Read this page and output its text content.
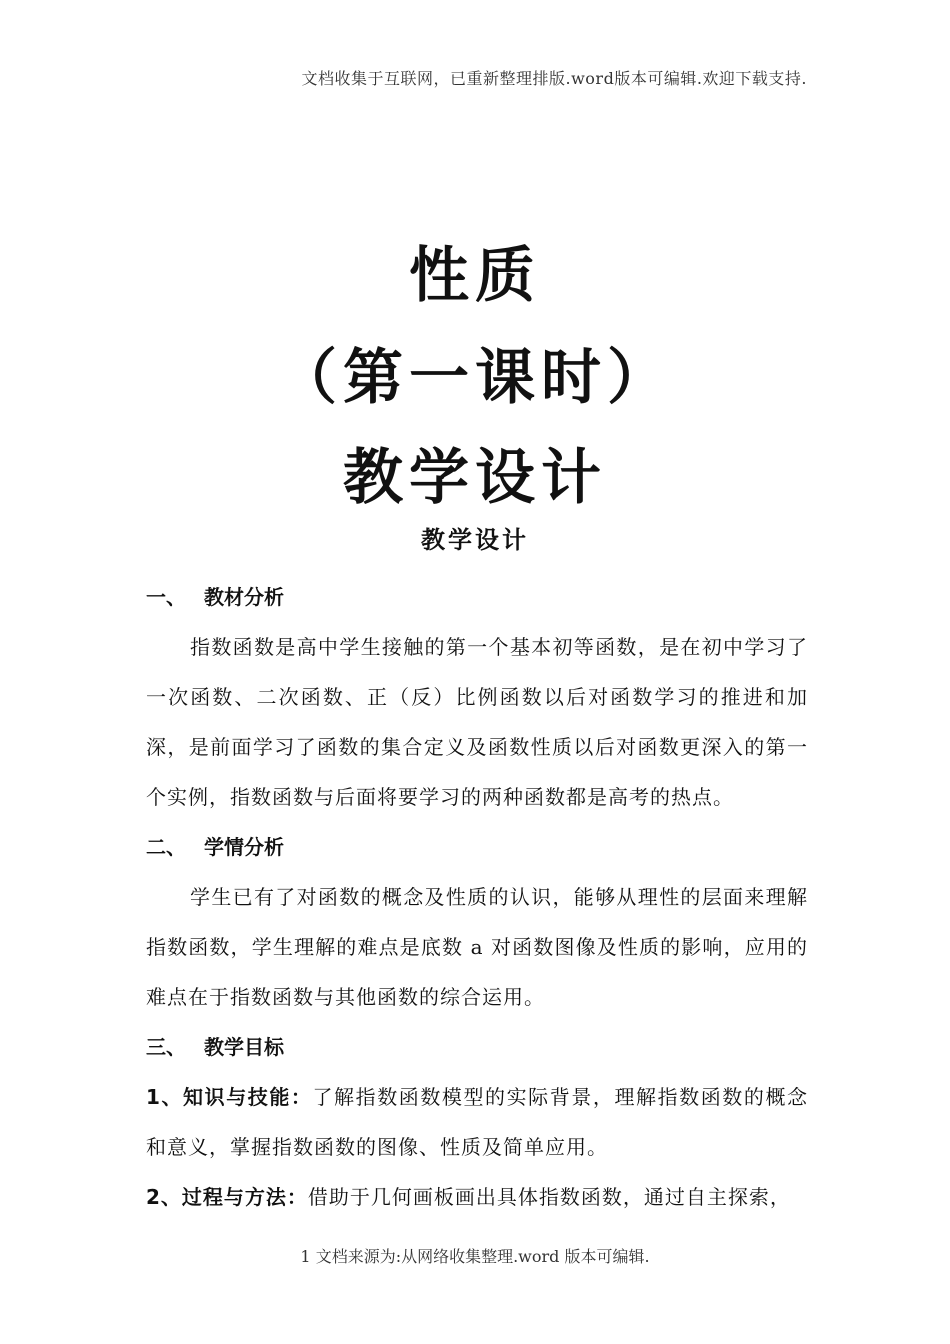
文档收集于互联网，已重新整理排版.word版本可编辑.欢迎下载支持.
性质
（第一课时）
教学设计
教学设计
一、 教材分析
指数函数是高中学生接触的第一个基本初等函数，是在初中学习了一次函数、二次函数、正（反）比例函数以后对函数学习的推进和加深，是前面学习了函数的集合定义及函数性质以后对函数更深入的第一个实例，指数函数与后面将要学习的两种函数都是高考的热点。
二、 学情分析
学生已有了对函数的概念及性质的认识，能够从理性的层面来理解指数函数，学生理解的难点是底数 a 对函数图像及性质的影响，应用的难点在于指数函数与其他函数的综合运用。
三、 教学目标
1、知识与技能：了解指数函数模型的实际背景，理解指数函数的概念和意义，掌握指数函数的图像、性质及简单应用。
2、过程与方法：借助于几何画板画出具体指数函数，通过自主探索，
1 文档来源为:从网络收集整理.word 版本可编辑.
